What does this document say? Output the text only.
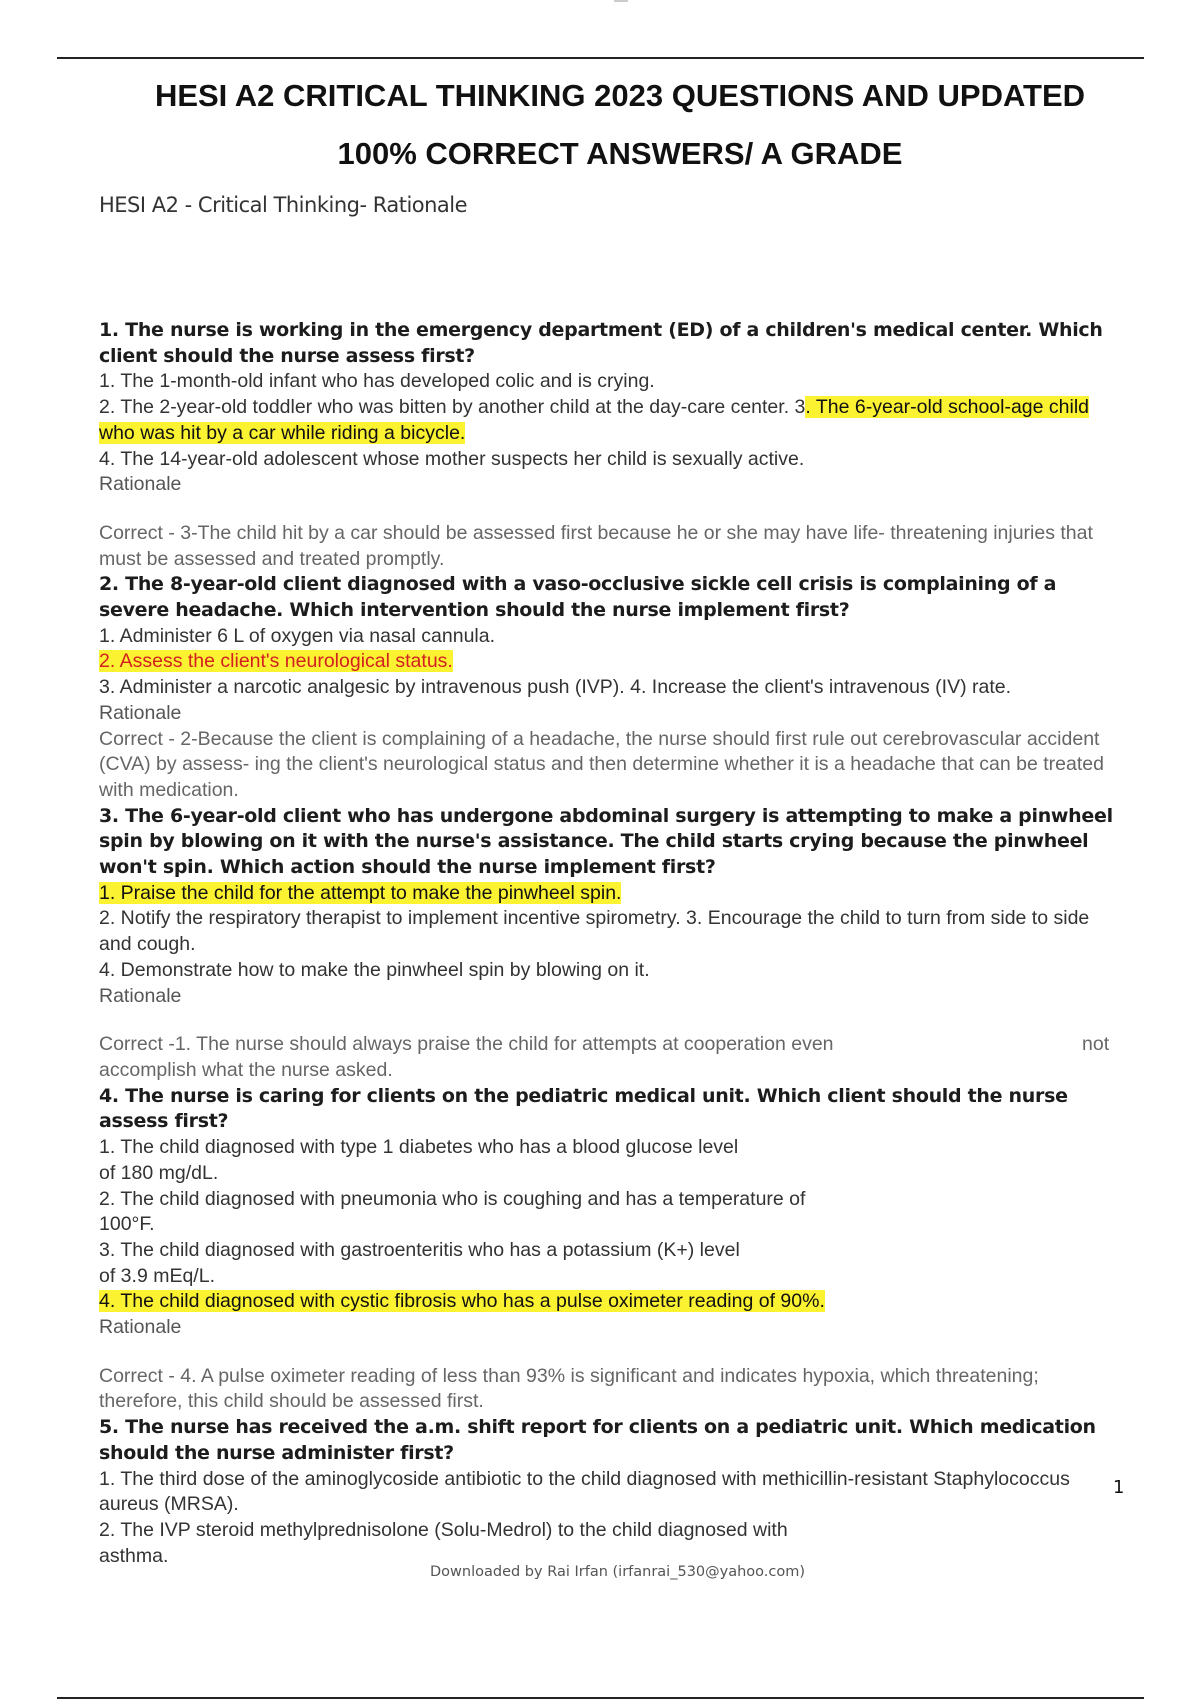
HESI A2 CRITICAL THINKING 2023 QUESTIONS AND UPDATED
100% CORRECT ANSWERS/ A GRADE
HESI A2 - Critical Thinking- Rationale

1. The nurse is working in the emergency department (ED) of a children's medical center. Which client should the nurse assess first?

1. The 1-month-old infant who has developed colic and is crying.

2. The 2-year-old toddler who was bitten by another child at the day-care center. 3. The 6-year-old school-age child who was hit by a car while riding a bicycle.

4. The 14-year-old adolescent whose mother suspects her child is sexually active.

Rationale

Correct - 3-The child hit by a car should be assessed first because he or she may have life- threatening injuries that must be assessed and treated promptly.

2. The 8-year-old client diagnosed with a vaso-occlusive sickle cell crisis is complaining of a severe headache. Which intervention should the nurse implement first?

1. Administer 6 L of oxygen via nasal cannula.

2. Assess the client's neurological status.

3. Administer a narcotic analgesic by intravenous push (IVP). 4. Increase the client's intravenous (IV) rate.

Rationale

Correct - 2-Because the client is complaining of a headache, the nurse should first rule out cerebrovascular accident (CVA) by assess- ing the client's neurological status and then determine whether it is a headache that can be treated with medication.

3. The 6-year-old client who has undergone abdominal surgery is attempting to make a pinwheel spin by blowing on it with the nurse's assistance. The child starts crying because the pinwheel won't spin. Which action should the nurse implement first?

1. Praise the child for the attempt to make the pinwheel spin.

2. Notify the respiratory therapist to implement incentive spirometry. 3. Encourage the child to turn from side to side and cough.

4. Demonstrate how to make the pinwheel spin by blowing on it.

Rationale

Correct -1. The nurse should always praise the child for attempts at cooperation even	not

accomplish what the nurse asked.

4. The nurse is caring for clients on the pediatric medical unit. Which client should the nurse assess first?

1. The child diagnosed with type 1 diabetes who has a blood glucose level

of 180 mg/dL.

2. The child diagnosed with pneumonia who is coughing and has a temperature of

100°F.

3. The child diagnosed with gastroenteritis who has a potassium (K+) level

of 3.9 mEq/L.

4. The child diagnosed with cystic fibrosis who has a pulse oximeter reading of 90%.

Rationale

Correct - 4. A pulse oximeter reading of less than 93% is significant and indicates hypoxia, which threatening; therefore, this child should be assessed first.

5. The nurse has received the a.m. shift report for clients on a pediatric unit. Which medication should the nurse administer first?

1. The third dose of the aminoglycoside antibiotic to the child diagnosed with methicillin-resistant Staphylococcus aureus (MRSA).

2. The IVP steroid methylprednisolone (Solu-Medrol) to the child diagnosed with

asthma.

1
Downloaded by Rai Irfan (irfanrai_530@yahoo.com)
